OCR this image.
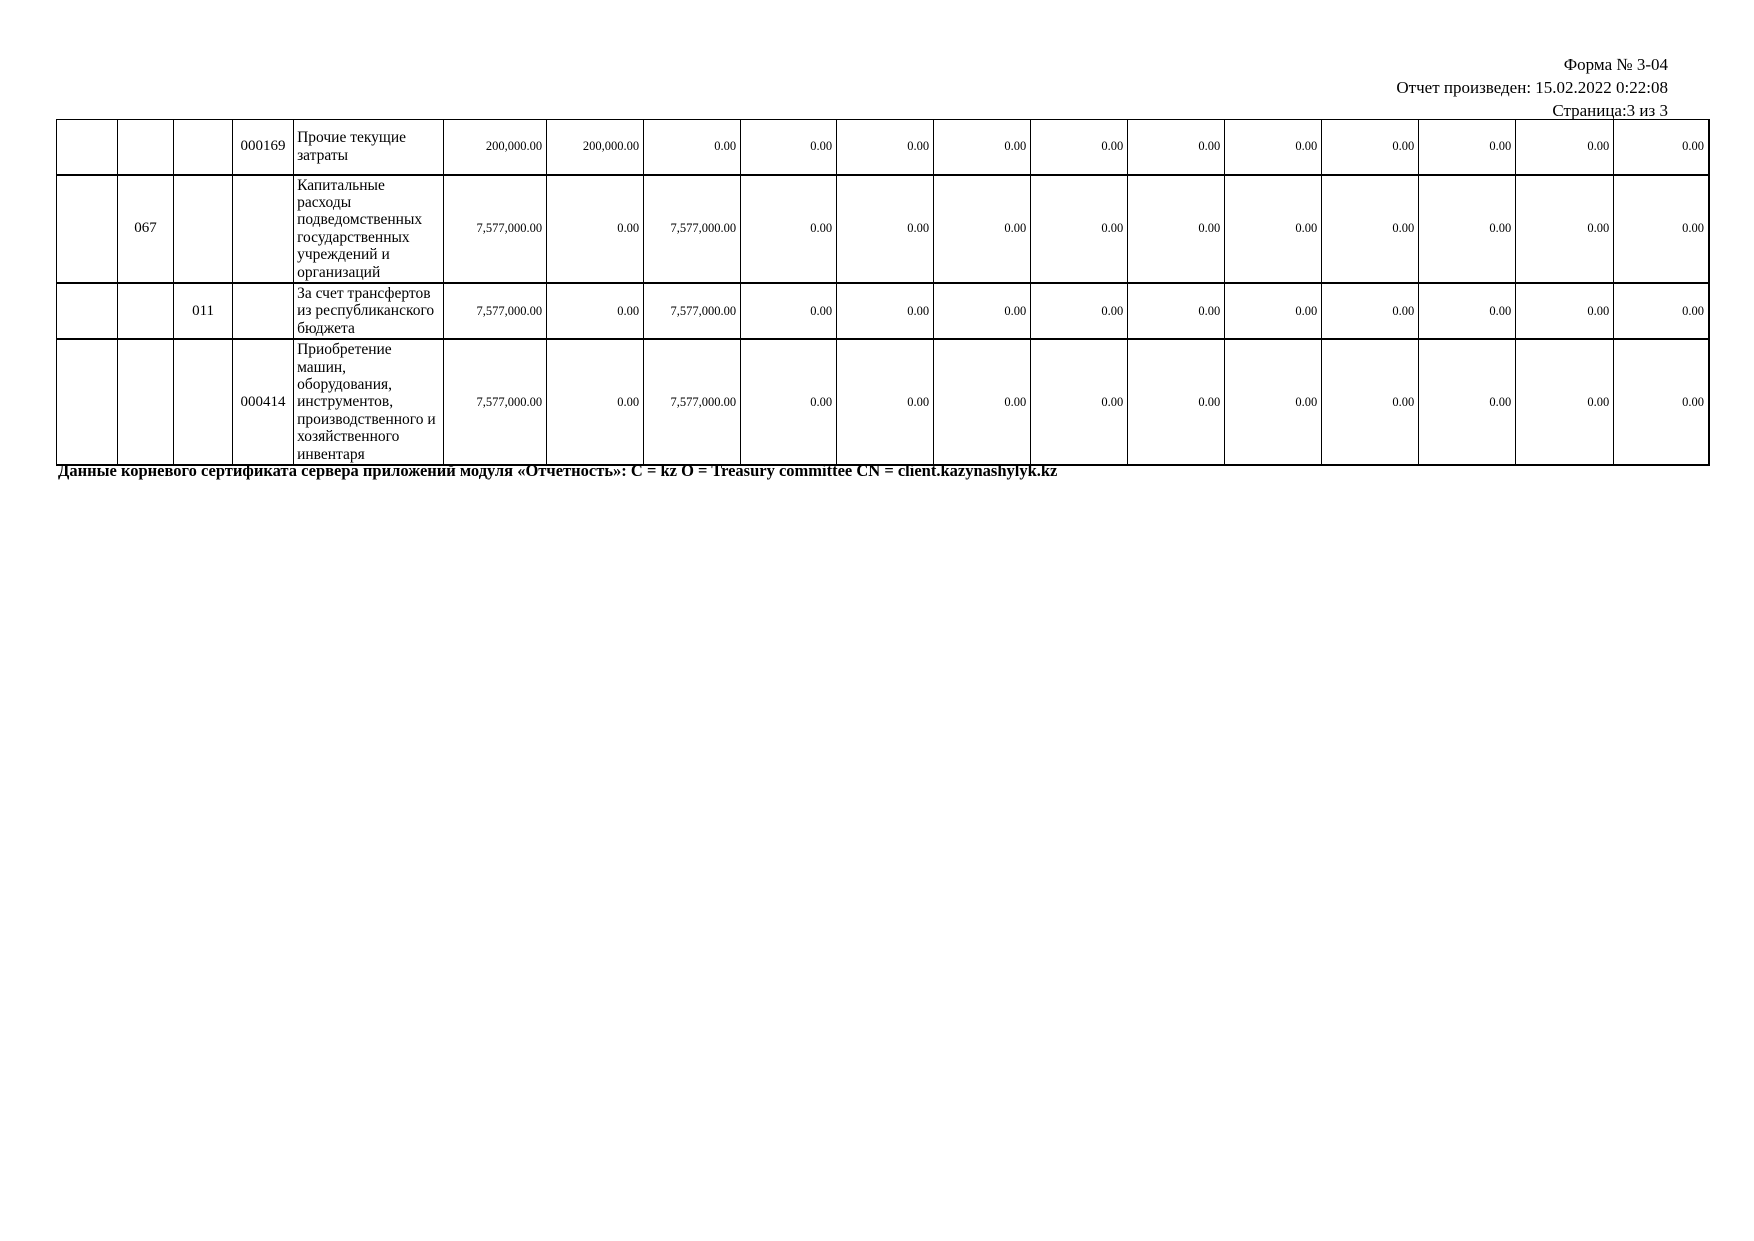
Форма № 3-04
Отчет произведен: 15.02.2022 0:22:08
Страница:3 из 3
			000169	Прочие текущие затраты	200,000.00	200,000.00	0.00	0.00	0.00	0.00	0.00	0.00	0.00	0.00	0.00	0.00	0.00
	067			Капитальные расходы подведомственных государственных учреждений и организаций	7,577,000.00	0.00	7,577,000.00	0.00	0.00	0.00	0.00	0.00	0.00	0.00	0.00	0.00	0.00
		011		За счет трансфертов из республиканского бюджета	7,577,000.00	0.00	7,577,000.00	0.00	0.00	0.00	0.00	0.00	0.00	0.00	0.00	0.00	0.00
			000414	Приобретение машин, оборудования, инструментов, производственного и хозяйственного инвентаря	7,577,000.00	0.00	7,577,000.00	0.00	0.00	0.00	0.00	0.00	0.00	0.00	0.00	0.00	0.00
Данные корневого сертификата сервера приложений модуля «Отчетность»: C = kz O = Treasury committee CN = client.kazynashylyk.kz
